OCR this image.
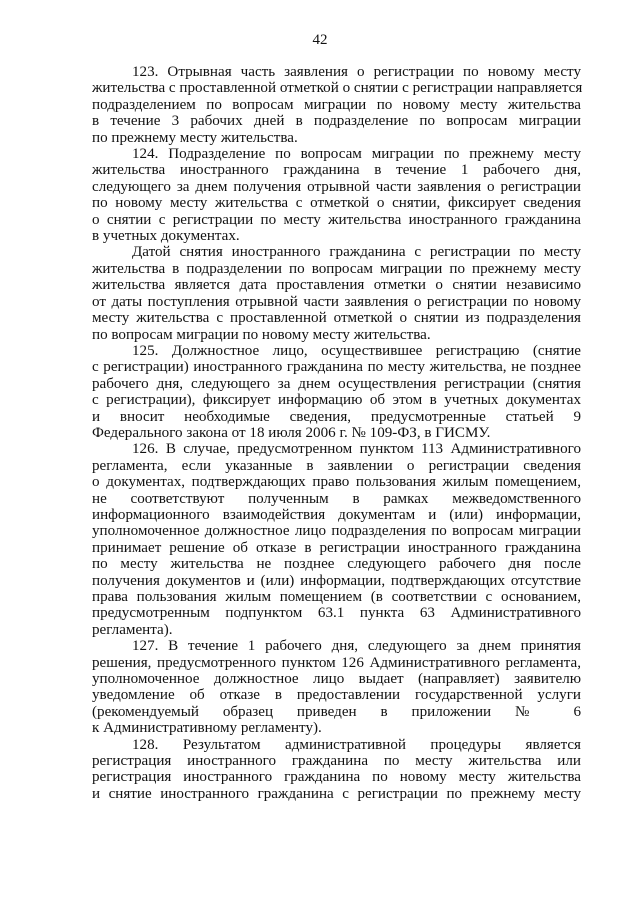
42
123. Отрывная часть заявления о регистрации по новому месту
жительства с проставленной отметкой о снятии с регистрации направляется
подразделением по вопросам миграции по новому месту жительства
в течение 3 рабочих дней в подразделение по вопросам миграции
по прежнему месту жительства.
124. Подразделение по вопросам миграции по прежнему месту
жительства иностранного гражданина в течение 1 рабочего дня,
следующего за днем получения отрывной части заявления о регистрации
по новому месту жительства с отметкой о снятии, фиксирует сведения
о снятии с регистрации по месту жительства иностранного гражданина
в учетных документах.
Датой снятия иностранного гражданина с регистрации по месту
жительства в подразделении по вопросам миграции по прежнему месту
жительства является дата проставления отметки о снятии независимо
от даты поступления отрывной части заявления о регистрации по новому
месту жительства с проставленной отметкой о снятии из подразделения
по вопросам миграции по новому месту жительства.
125. Должностное лицо, осуществившее регистрацию (снятие
с регистрации) иностранного гражданина по месту жительства, не позднее
рабочего дня, следующего за днем осуществления регистрации (снятия
с регистрации), фиксирует информацию об этом в учетных документах
и вносит необходимые сведения, предусмотренные статьей 9
Федерального закона от 18 июля 2006 г. № 109-ФЗ, в ГИСМУ.
126. В случае, предусмотренном пунктом 113 Административного
регламента, если указанные в заявлении о регистрации сведения
о документах, подтверждающих право пользования жилым помещением,
не соответствуют полученным в рамках межведомственного
информационного взаимодействия документам и (или) информации,
уполномоченное должностное лицо подразделения по вопросам миграции
принимает решение об отказе в регистрации иностранного гражданина
по месту жительства не позднее следующего рабочего дня после
получения документов и (или) информации, подтверждающих отсутствие
права пользования жилым помещением (в соответствии с основанием,
предусмотренным подпунктом 63.1 пункта 63 Административного
регламента).
127. В течение 1 рабочего дня, следующего за днем принятия
решения, предусмотренного пунктом 126 Административного регламента,
уполномоченное должностное лицо выдает (направляет) заявителю
уведомление об отказе в предоставлении государственной услуги
(рекомендуемый образец приведен в приложении № 6
к Административному регламенту).
128. Результатом административной процедуры является
регистрация иностранного гражданина по месту жительства или
регистрация иностранного гражданина по новому месту жительства
и снятие иностранного гражданина с регистрации по прежнему месту
